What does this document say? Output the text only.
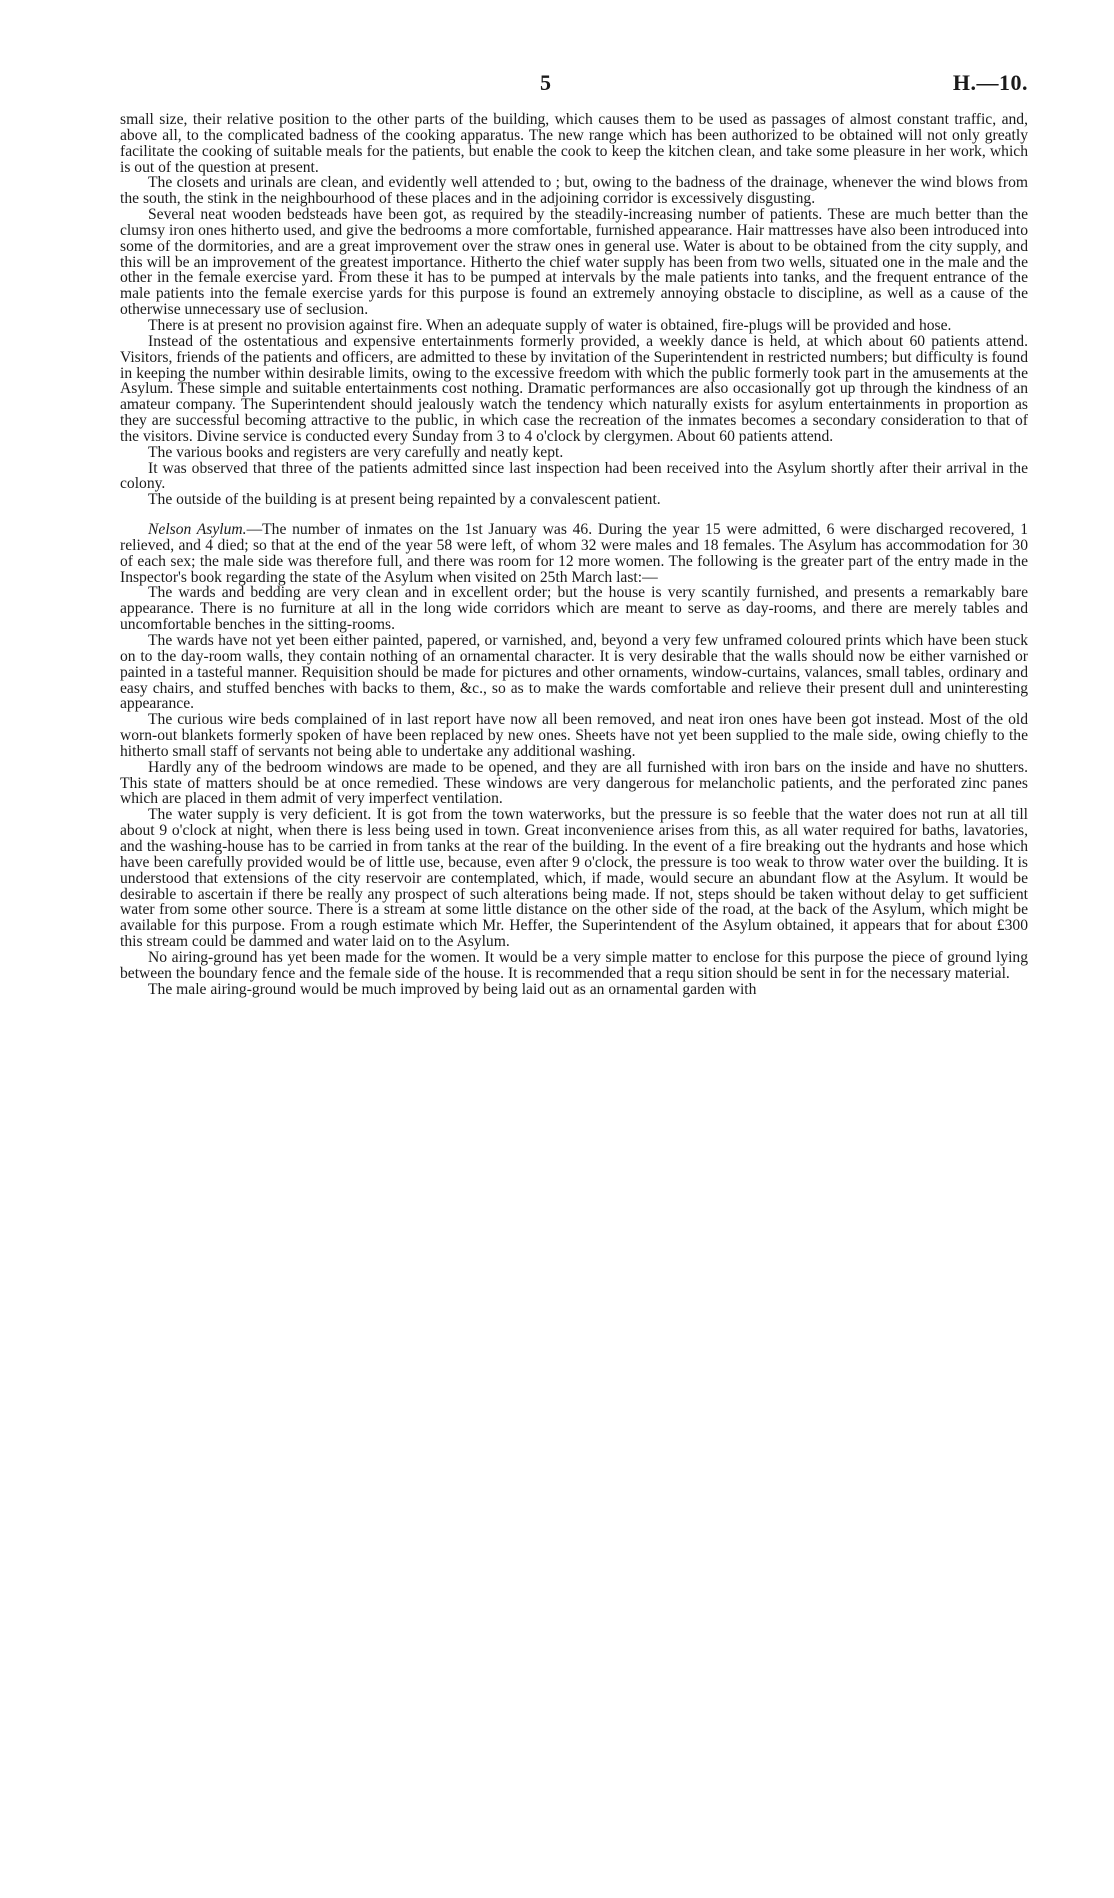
5	H.—10.

small size, their relative position to the other parts of the building, which causes them to be used as passages of almost constant traffic, and, above all, to the complicated badness of the cooking apparatus. The new range which has been authorized to be obtained will not only greatly facilitate the cooking of suitable meals for the patients, but enable the cook to keep the kitchen clean, and take some pleasure in her work, which is out of the question at present.

The closets and urinals are clean, and evidently well attended to ; but, owing to the badness of the drainage, whenever the wind blows from the south, the stink in the neighbourhood of these places and in the adjoining corridor is excessively disgusting.

Several neat wooden bedsteads have been got, as required by the steadily-increasing number of patients. These are much better than the clumsy iron ones hitherto used, and give the bedrooms a more comfortable, furnished appearance. Hair mattresses have also been introduced into some of the dormitories, and are a great improvement over the straw ones in general use. Water is about to be obtained from the city supply, and this will be an improvement of the greatest importance. Hitherto the chief water supply has been from two wells, situated one in the male and the other in the female exercise yard. From these it has to be pumped at intervals by the male patients into tanks, and the frequent entrance of the male patients into the female exercise yards for this purpose is found an extremely annoying obstacle to discipline, as well as a cause of the otherwise unnecessary use of seclusion.

There is at present no provision against fire. When an adequate supply of water is obtained, fire-plugs will be provided and hose.

Instead of the ostentatious and expensive entertainments formerly provided, a weekly dance is held, at which about 60 patients attend. Visitors, friends of the patients and officers, are admitted to these by invitation of the Superintendent in restricted numbers; but difficulty is found in keeping the number within desirable limits, owing to the excessive freedom with which the public formerly took part in the amusements at the Asylum. These simple and suitable entertainments cost nothing. Dramatic performances are also occasionally got up through the kindness of an amateur company. The Superintendent should jealously watch the tendency which naturally exists for asylum entertainments in proportion as they are successful becoming attractive to the public, in which case the recreation of the inmates becomes a secondary consideration to that of the visitors. Divine service is conducted every Sunday from 3 to 4 o'clock by clergymen. About 60 patients attend.

The various books and registers are very carefully and neatly kept.

It was observed that three of the patients admitted since last inspection had been received into the Asylum shortly after their arrival in the colony.

The outside of the building is at present being repainted by a convalescent patient.

Nelson Asylum.—The number of inmates on the 1st January was 46. During the year 15 were admitted, 6 were discharged recovered, 1 relieved, and 4 died; so that at the end of the year 58 were left, of whom 32 were males and 18 females. The Asylum has accommodation for 30 of each sex; the male side was therefore full, and there was room for 12 more women. The following is the greater part of the entry made in the Inspector's book regarding the state of the Asylum when visited on 25th March last:—

The wards and bedding are very clean and in excellent order; but the house is very scantily furnished, and presents a remarkably bare appearance. There is no furniture at all in the long wide corridors which are meant to serve as day-rooms, and there are merely tables and uncomfortable benches in the sitting-rooms.

The wards have not yet been either painted, papered, or varnished, and, beyond a very few unframed coloured prints which have been stuck on to the day-room walls, they contain nothing of an ornamental character. It is very desirable that the walls should now be either varnished or painted in a tasteful manner. Requisition should be made for pictures and other ornaments, window-curtains, valances, small tables, ordinary and easy chairs, and stuffed benches with backs to them, &c., so as to make the wards comfortable and relieve their present dull and uninteresting appearance.

The curious wire beds complained of in last report have now all been removed, and neat iron ones have been got instead. Most of the old worn-out blankets formerly spoken of have been replaced by new ones. Sheets have not yet been supplied to the male side, owing chiefly to the hitherto small staff of servants not being able to undertake any additional washing.

Hardly any of the bedroom windows are made to be opened, and they are all furnished with iron bars on the inside and have no shutters. This state of matters should be at once remedied. These windows are very dangerous for melancholic patients, and the perforated zinc panes which are placed in them admit of very imperfect ventilation.

The water supply is very deficient. It is got from the town waterworks, but the pressure is so feeble that the water does not run at all till about 9 o'clock at night, when there is less being used in town. Great inconvenience arises from this, as all water required for baths, lavatories, and the washing-house has to be carried in from tanks at the rear of the building. In the event of a fire breaking out the hydrants and hose which have been carefully provided would be of little use, because, even after 9 o'clock, the pressure is too weak to throw water over the building. It is understood that extensions of the city reservoir are contemplated, which, if made, would secure an abundant flow at the Asylum. It would be desirable to ascertain if there be really any prospect of such alterations being made. If not, steps should be taken without delay to get sufficient water from some other source. There is a stream at some little distance on the other side of the road, at the back of the Asylum, which might be available for this purpose. From a rough estimate which Mr. Heffer, the Superintendent of the Asylum obtained, it appears that for about £300 this stream could be dammed and water laid on to the Asylum.

No airing-ground has yet been made for the women. It would be a very simple matter to enclose for this purpose the piece of ground lying between the boundary fence and the female side of the house. It is recommended that a requ sition should be sent in for the necessary material.

The male airing-ground would be much improved by being laid out as an ornamental garden with
